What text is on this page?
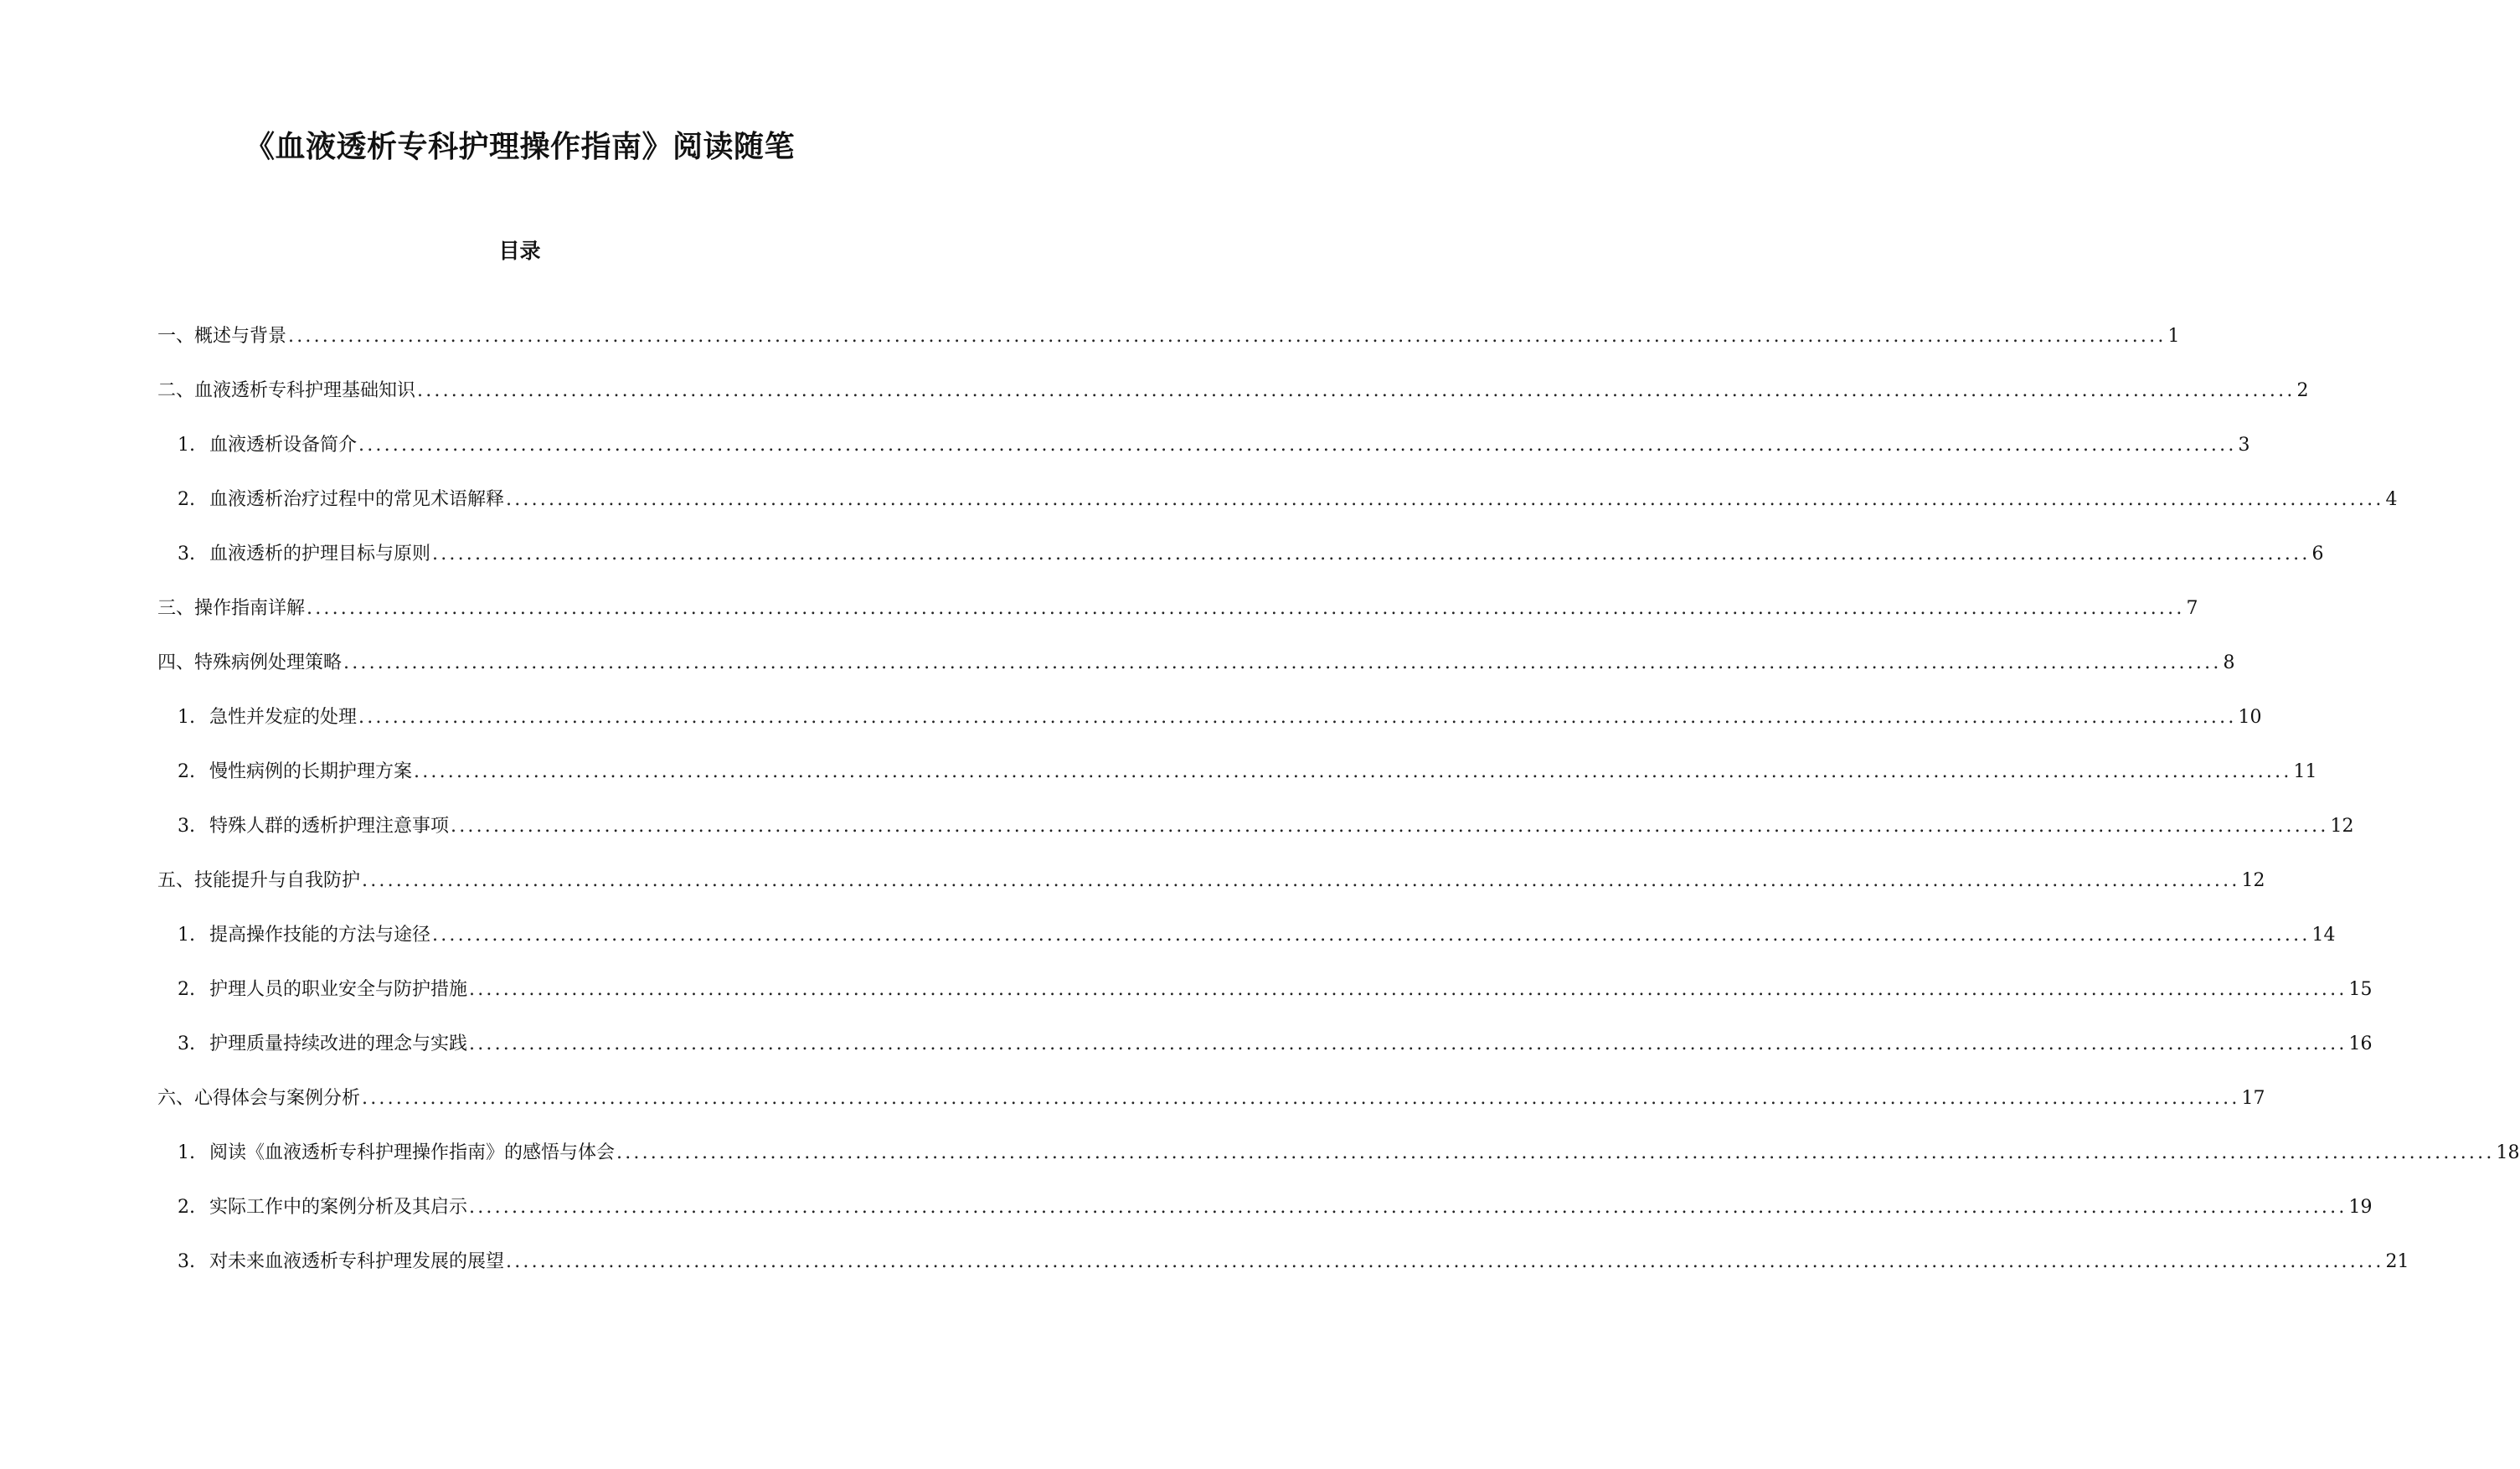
《血液透析专科护理操作指南》阅读随笔
目录
一、概述与背景 ............................................................................................................................................................................................................................ 1
二、血液透析专科护理基础知识 ............................................................................................................................................................................................................................ 2
1. 血液透析设备简介 ............................................................................................................................................................................................................................ 3
2. 血液透析治疗过程中的常见术语解释 ............................................................................................................................................................................................................................ 4
3. 血液透析的护理目标与原则 ............................................................................................................................................................................................................................ 6
三、操作指南详解 ............................................................................................................................................................................................................................ 7
四、特殊病例处理策略 ............................................................................................................................................................................................................................ 8
1. 急性并发症的处理 ............................................................................................................................................................................................................................ 10
2. 慢性病例的长期护理方案 ............................................................................................................................................................................................................................ 11
3. 特殊人群的透析护理注意事项 ............................................................................................................................................................................................................................ 12
五、技能提升与自我防护 ............................................................................................................................................................................................................................ 12
1. 提高操作技能的方法与途径 ............................................................................................................................................................................................................................ 14
2. 护理人员的职业安全与防护措施 ............................................................................................................................................................................................................................ 15
3. 护理质量持续改进的理念与实践 ............................................................................................................................................................................................................................ 16
六、心得体会与案例分析 ............................................................................................................................................................................................................................ 17
1. 阅读《血液透析专科护理操作指南》的感悟与体会 ............................................................................................................................................................................................................................ 18
2. 实际工作中的案例分析及其启示 ............................................................................................................................................................................................................................ 19
3. 对未来血液透析专科护理发展的展望 ............................................................................................................................................................................................................................ 21
